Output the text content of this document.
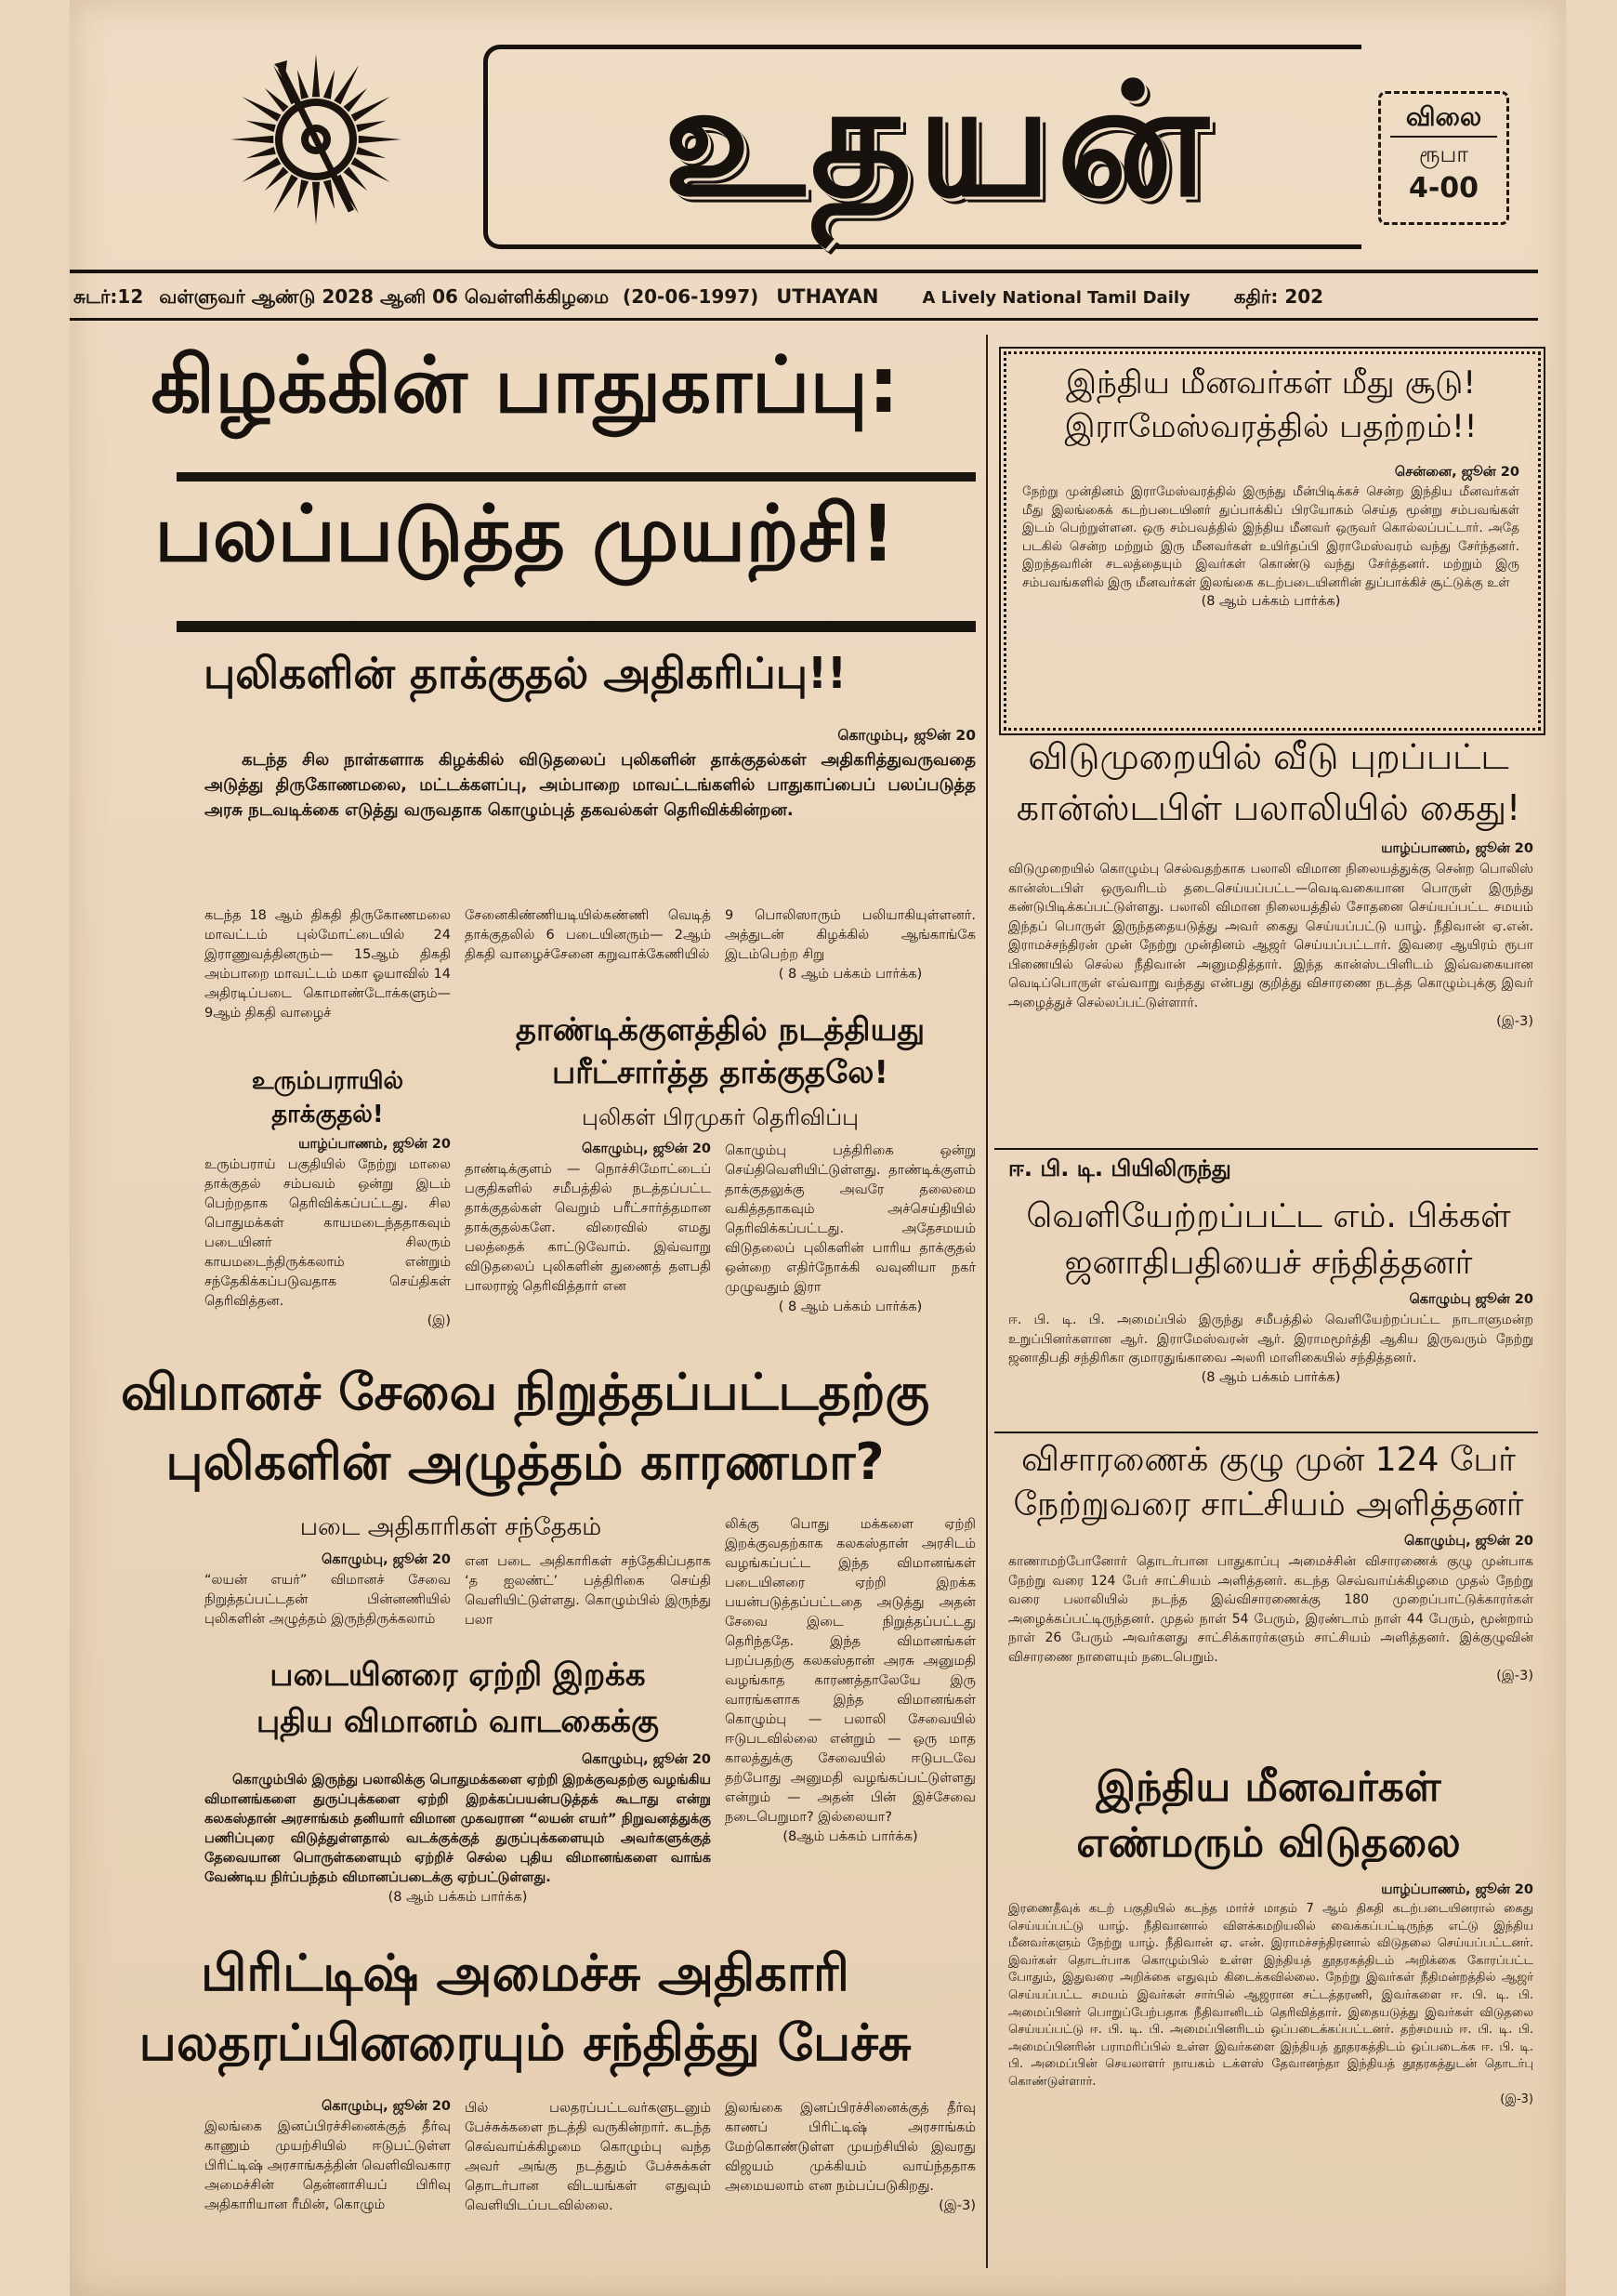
உதயன்	விலை
ரூபா
4-00
சுடர்:12 வள்ளுவர் ஆண்டு 2028 ஆனி 06 வெள்ளிக்கிழமை (20-06-1997) UTHAYAN	A Lively National Tamil Daily கதிர்: 202
கிழக்கின் பாதுகாப்பு:
பலப்படுத்த முயற்சி!
புலிகளின் தாக்குதல் அதிகரிப்பு!!

கொழும்பு, ஜூன் 20

கடந்த சில நாள்களாக கிழக்கில் விடுதலைப் புலிகளின் தாக்குதல்கள் அதிகரித்துவருவதை அடுத்து திருகோணமலை, மட்டக்களப்பு, அம்பாறை மாவட்டங்களில் பாதுகாப்பைப் பலப்படுத்த அரசு நடவடிக்கை எடுத்து வருவதாக கொழும்புத் தகவல்கள் தெரிவிக்கின்றன.

கடந்த 18 ஆம் திகதி திருகோணமலை மாவட்டம் புல்மோட்டையில் 24 இராணுவத்தினரும்— 15ஆம் திகதி அம்பாறை மாவட்டம் மகா ஓயாவில் 14 அதிரடிப்படை கொமாண்டோக்களும்— 9ஆம் திகதி வாழைச்

சேனைகிண்ணியடியில்கண்ணி வெடித் தாக்குதலில் 6 படையினரும்— 2ஆம் திகதி வாழைச்சேனை கறுவாக்கேணியில்

9 பொலிஸாரும் பலியாகியுள்ளனர். அத்துடன் கிழக்கில் ஆங்காங்கே இடம்பெற்ற சிறு

( 8 ஆம் பக்கம் பார்க்க)

உரும்பராயில் தாக்குதல்!

யாழ்ப்பாணம், ஜூன் 20

உரும்பராய் பகுதியில் நேற்று மாலை தாக்குதல் சம்பவம் ஒன்று இடம் பெற்றதாக தெரிவிக்கப்பட்டது. சில பொதுமக்கள் காயமடைந்ததாகவும் படையினர் சிலரும் காயமடைந்திருக்கலாம் என்றும் சந்தேகிக்கப்படுவதாக செய்திகள் தெரிவித்தன.

(இ)

தாண்டிக்குளத்தில் நடத்தியது பரீட்சார்த்த தாக்குதலே!
புலிகள் பிரமுகர் தெரிவிப்பு

கொழும்பு, ஜூன் 20

தாண்டிக்குளம் — நொச்சிமோட்டைப் பகுதிகளில் சமீபத்தில் நடத்தப்பட்ட தாக்குதல்கள் வெறும் பரீட்சார்த்தமான தாக்குதல்களே. விரைவில் எமது பலத்தைக் காட்டுவோம். இவ்வாறு விடுதலைப் புலிகளின் துணைத் தளபதி பாலராஜ் தெரிவித்தார் என

கொழும்பு பத்திரிகை ஒன்று செய்திவெளியிட்டுள்ளது. தாண்டிக்குளம் தாக்குதலுக்கு அவரே தலைமை வகித்ததாகவும் அச்செய்தியில் தெரிவிக்கப்பட்டது. அதேசமயம் விடுதலைப் புலிகளின் பாரிய தாக்குதல் ஒன்றை எதிர்நோக்கி வவுனியா நகர் முழுவதும் இரா

( 8 ஆம் பக்கம் பார்க்க)

விமானச் சேவை நிறுத்தப்பட்டதற்கு
புலிகளின் அழுத்தம் காரணமா?
படை அதிகாரிகள் சந்தேகம்

கொழும்பு, ஜூன் 20

“லயன் எயர்” விமானச் சேவை நிறுத்தப்பட்டதன் பின்னணியில் புலிகளின் அழுத்தம் இருந்திருக்கலாம்

என படை அதிகாரிகள் சந்தேகிப்பதாக ‘த ஐலண்ட்’ பத்திரிகை செய்தி வெளியிட்டுள்ளது. கொழும்பில் இருந்து பலா

லிக்கு பொது மக்களை ஏற்றி இறக்குவதற்காக கலகஸ்தான் அரசிடம் வழங்கப்பட்ட இந்த விமானங்கள் படையினரை ஏற்றி இறக்க பயன்படுத்தப்பட்டதை அடுத்து அதன் சேவை இடை நிறுத்தப்பட்டது தெரிந்ததே. இந்த விமானங்கள் பறப்பதற்கு கலகஸ்தான் அரசு அனுமதி வழங்காத காரணத்தாலேயே இரு வாரங்களாக இந்த விமானங்கள் கொழும்பு — பலாலி சேவையில் ஈடுபடவில்லை என்றும் — ஒரு மாத காலத்துக்கு சேவையில் ஈடுபடவே தற்போது அனுமதி வழங்கப்பட்டுள்ளது என்றும் — அதன் பின் இச்சேவை நடைபெறுமா? இல்லையா?

(8ஆம் பக்கம் பார்க்க)

படையினரை ஏற்றி இறக்க
புதிய விமானம் வாடகைக்கு

கொழும்பு, ஜூன் 20

கொழும்பில் இருந்து பலாலிக்கு பொதுமக்களை ஏற்றி இறக்குவதற்கு வழங்கிய விமானங்களை துருப்புக்களை ஏற்றி இறக்கப்பயன்படுத்தக் கூடாது என்று கலகஸ்தான் அரசாங்கம் தனியார் விமான முகவரான “லயன் எயர்” நிறுவனத்துக்கு பணிப்புரை விடுத்துள்ளதால் வடக்குக்குத் துருப்புக்களையும் அவர்களுக்குத் தேவையான பொருள்களையும் ஏற்றிச் செல்ல புதிய விமானங்களை வாங்க வேண்டிய நிர்ப்பந்தம் விமானப்படைக்கு ஏற்பட்டுள்ளது.

(8 ஆம் பக்கம் பார்க்க)

பிரிட்டிஷ் அமைச்சு அதிகாரி
பலதரப்பினரையும் சந்தித்து பேச்சு

கொழும்பு, ஜூன் 20

இலங்கை இனப்பிரச்சினைக்குத் தீர்வு காணும் முயற்சியில் ஈடுபட்டுள்ள பிரிட்டிஷ் அரசாங்கத்தின் வெளிவிவகார அமைச்சின் தென்னாசியப் பிரிவு அதிகாரியான ரீமின், கொழும்

பில் பலதரப்பட்டவர்களுடனும் பேச்சுக்களை நடத்தி வருகின்றார். கடந்த செவ்வாய்க்கிழமை கொழும்பு வந்த அவர் அங்கு நடத்தும் பேச்சுக்கள் தொடர்பான விடயங்கள் எதுவும் வெளியிடப்படவில்லை.

இலங்கை இனப்பிரச்சினைக்குத் தீர்வு காணப் பிரிட்டிஷ் அரசாங்கம் மேற்கொண்டுள்ள முயற்சியில் இவரது விஜயம் முக்கியம் வாய்ந்ததாக அமையலாம் என நம்பப்படுகிறது.

(இ-3)

இந்திய மீனவர்கள் மீது சூடு!
இராமேஸ்வரத்தில் பதற்றம்!!

சென்னை, ஜூன் 20

நேற்று முன்தினம் இராமேஸ்வரத்தில் இருந்து மீன்பிடிக்கச் சென்ற இந்திய மீனவர்கள் மீது இலங்கைக் கடற்படையினர் துப்பாக்கிப் பிரயோகம் செய்த மூன்று சம்பவங்கள் இடம் பெற்றுள்ளன. ஒரு சம்பவத்தில் இந்திய மீனவர் ஒருவர் கொல்லப்பட்டார். அதே படகில் சென்ற மற்றும் இரு மீனவர்கள் உயிர்தப்பி இராமேஸ்வரம் வந்து சேர்ந்தனர். இறந்தவரின் சடலத்தையும் இவர்கள் கொண்டு வந்து சேர்த்தனர். மற்றும் இரு சம்பவங்களில் இரு மீனவர்கள் இலங்கை கடற்படையினரின் துப்பாக்கிச் சூட்டுக்கு உள்

(8 ஆம் பக்கம் பார்க்க)

விடுமுறையில் வீடு புறப்பட்ட
கான்ஸ்டபிள் பலாலியில் கைது!

யாழ்ப்பாணம், ஜூன் 20

விடுமுறையில் கொழும்பு செல்வதற்காக பலாலி விமான நிலையத்துக்கு சென்ற பொலிஸ் கான்ஸ்டபிள் ஒருவரிடம் தடைசெய்யப்பட்ட—வெடிவகையான பொருள் இருந்து கண்டுபிடிக்கப்பட்டுள்ளது. பலாலி விமான நிலையத்தில் சோதனை செய்யப்பட்ட சமயம் இந்தப் பொருள் இருந்ததையடுத்து அவர் கைது செய்யப்பட்டு யாழ். நீதிவான் ஏ.என். இராமச்சந்திரன் முன் நேற்று முன்தினம் ஆஜர் செய்யப்பட்டார். இவரை ஆயிரம் ரூபா பிணையில் செல்ல நீதிவான் அனுமதித்தார். இந்த கான்ஸ்டபிளிடம் இவ்வகையான வெடிப்பொருள் எவ்வாறு வந்தது என்பது குறித்து விசாரணை நடத்த கொழும்புக்கு இவர் அழைத்துச் செல்லப்பட்டுள்ளார்.

(இ-3)

ஈ. பி. டி. பியிலிருந்து
வெளியேற்றப்பட்ட எம். பிக்கள்
ஜனாதிபதியைச் சந்தித்தனர்

கொழும்பு ஜூன் 20

ஈ. பி. டி. பி. அமைப்பில் இருந்து சமீபத்தில் வெளியேற்றப்பட்ட நாடாளுமன்ற உறுப்பினர்களான ஆர். இராமேஸ்வரன் ஆர். இராமமூர்த்தி ஆகிய இருவரும் நேற்று ஜனாதிபதி சந்திரிகா குமாரதுங்காவை அலரி மாளிகையில் சந்தித்தனர்.

(8 ஆம் பக்கம் பார்க்க)

விசாரணைக் குழு முன் 124 பேர்
நேற்றுவரை சாட்சியம் அளித்தனர்

கொழும்பு, ஜூன் 20

காணாமற்போனோர் தொடர்பான பாதுகாப்பு அமைச்சின் விசாரணைக் குழு முன்பாக நேற்று வரை 124 பேர் சாட்சியம் அளித்தனர். கடந்த செவ்வாய்க்கிழமை முதல் நேற்று வரை பலாலியில் நடந்த இவ்விசாரணைக்கு 180 முறைப்பாட்டுக்காரர்கள் அழைக்கப்பட்டிருந்தனர். முதல் நாள் 54 பேரும், இரண்டாம் நாள் 44 பேரும், மூன்றாம் நாள் 26 பேரும் அவர்களது சாட்சிக்காரர்களும் சாட்சியம் அளித்தனர். இக்குழுவின் விசாரணை நாளையும் நடைபெறும்.

(இ-3)

இந்திய மீனவர்கள்
எண்மரும் விடுதலை

யாழ்ப்பாணம், ஜூன் 20

இரணைதீவுக் கடற் பகுதியில் கடந்த மார்ச் மாதம் 7 ஆம் திகதி கடற்படையினரால் கைது செய்யப்பட்டு யாழ். நீதிவானால் விளக்கமறியலில் வைக்கப்பட்டிருந்த எட்டு இந்திய மீனவர்களும் நேற்று யாழ். நீதிவான் ஏ. என். இராமச்சந்திரனால் விடுதலை செய்யப்பட்டனர். இவர்கள் தொடர்பாக கொழும்பில் உள்ள இந்தியத் தூதரகத்திடம் அறிக்கை கோரப்பட்ட போதும், இதுவரை அறிக்கை எதுவும் கிடைக்கவில்லை. நேற்று இவர்கள் நீதிமன்றத்தில் ஆஜர் செய்யப்பட்ட சமயம் இவர்கள் சார்பில் ஆஜரான சட்டத்தரணி, இவர்களை ஈ. பி. டி. பி. அமைப்பினர் பொறுப்பேற்பதாக நீதிவானிடம் தெரிவித்தார். இதையடுத்து இவர்கள் விடுதலை செய்யப்பட்டு ஈ. பி. டி. பி. அமைப்பினரிடம் ஒப்படைக்கப்பட்டனர். தற்சமயம் ஈ. பி. டி. பி. அமைப்பினரின் பராமரிப்பில் உள்ள இவர்களை இந்தியத் தூதரகத்திடம் ஒப்படைக்க ஈ. பி. டி. பி. அமைப்பின் செயலாளர் நாயகம் டக்ளஸ் தேவானந்தா இந்தியத் தூதரகத்துடன் தொடர்பு கொண்டுள்ளார்.

(இ-3)
